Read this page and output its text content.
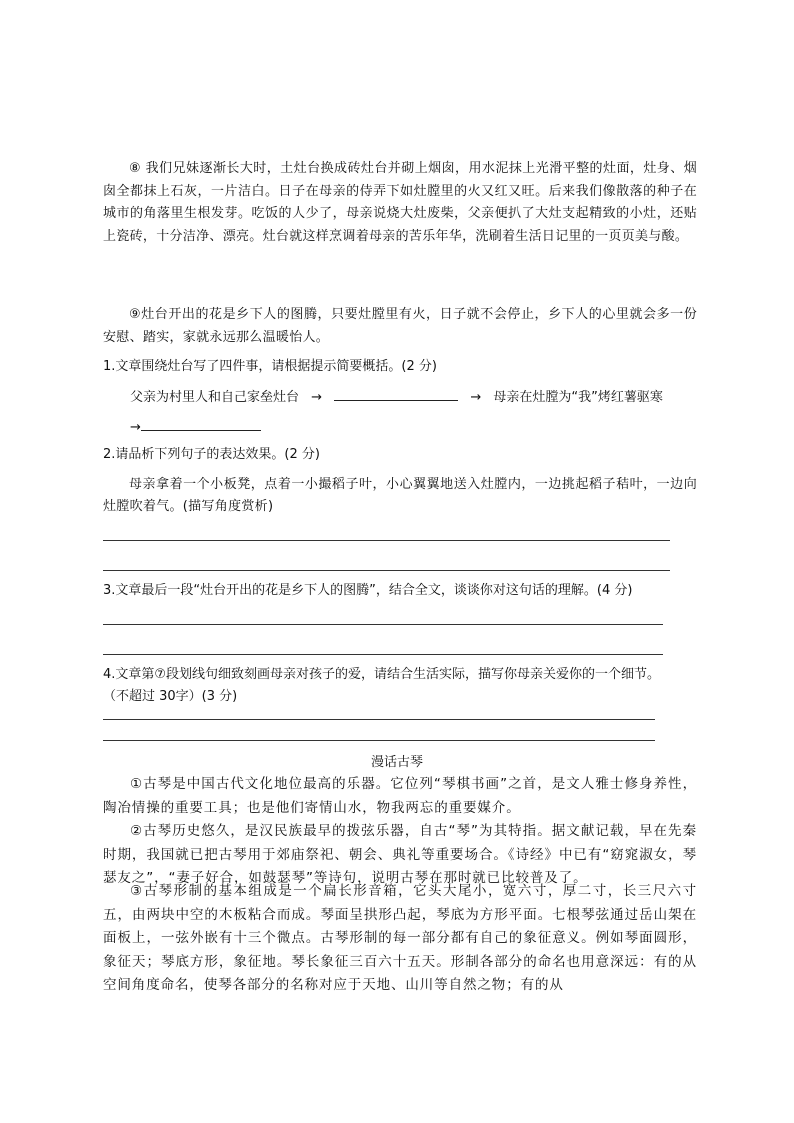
⑧ 我们兄妹逐渐长大时，土灶台换成砖灶台并砌上烟囱，用水泥抹上光滑平整的灶面，灶身、烟囱全都抹上石灰，一片洁白。日子在母亲的侍弄下如灶膛里的火又红又旺。后来我们像散落的种子在城市的角落里生根发芽。吃饭的人少了，母亲说烧大灶废柴，父亲便扒了大灶支起精致的小灶，还贴上瓷砖，十分洁净、漂亮。灶台就这样烹调着母亲的苦乐年华，洗刷着生活日记里的一页页美与酸。
⑨灶台开出的花是乡下人的图腾，只要灶膛里有火，日子就不会停止，乡下人的心里就会多一份安慰、踏实，家就永远那么温暖怡人。
1.文章围绕灶台写了四件事，请根据提示简要概括。(2 分)
父亲为村里人和自己家垒灶台 →	→ 母亲在灶膛为“我”烤红薯驱寒
→
2.请品析下列句子的表达效果。(2 分)
母亲拿着一个小板凳，点着一小撮稻子叶，小心翼翼地送入灶膛内，一边挑起稻子秸叶，一边向灶膛吹着气。(描写角度赏析)
3.文章最后一段“灶台开出的花是乡下人的图腾”，结合全文，谈谈你对这句话的理解。(4 分)
4.文章第⑦段划线句细致刻画母亲对孩子的爱，请结合生活实际，描写你母亲关爱你的一个细节。
（不超过 30字）(3 分)
漫话古琴
①古琴是中国古代文化地位最高的乐器。它位列“琴棋书画”之首，是文人雅士修身养性，陶冶情操的重要工具；也是他们寄情山水，物我两忘的重要媒介。
②古琴历史悠久，是汉民族最早的拨弦乐器，自古“琴”为其特指。据文献记载，早在先秦时期，我国就已把古琴用于郊庙祭祀、朝会、典礼等重要场合。《诗经》中已有“窈窕淑女，琴瑟友之”，“妻子好合，如鼓瑟琴”等诗句，说明古琴在那时就已比较普及了。
③古琴形制的基本组成是一个扁长形音箱，它头大尾小，宽六寸，厚二寸，长三尺六寸五，由两块中空的木板粘合而成。琴面呈拱形凸起，琴底为方形平面。七根琴弦通过岳山架在面板上，一弦外嵌有十三个微点。古琴形制的每一部分都有自己的象征意义。例如琴面圆形，象征天；琴底方形，象征地。琴长象征三百六十五天。形制各部分的命名也用意深远：有的从空间角度命名，使琴各部分的名称对应于天地、山川等自然之物；有的从
